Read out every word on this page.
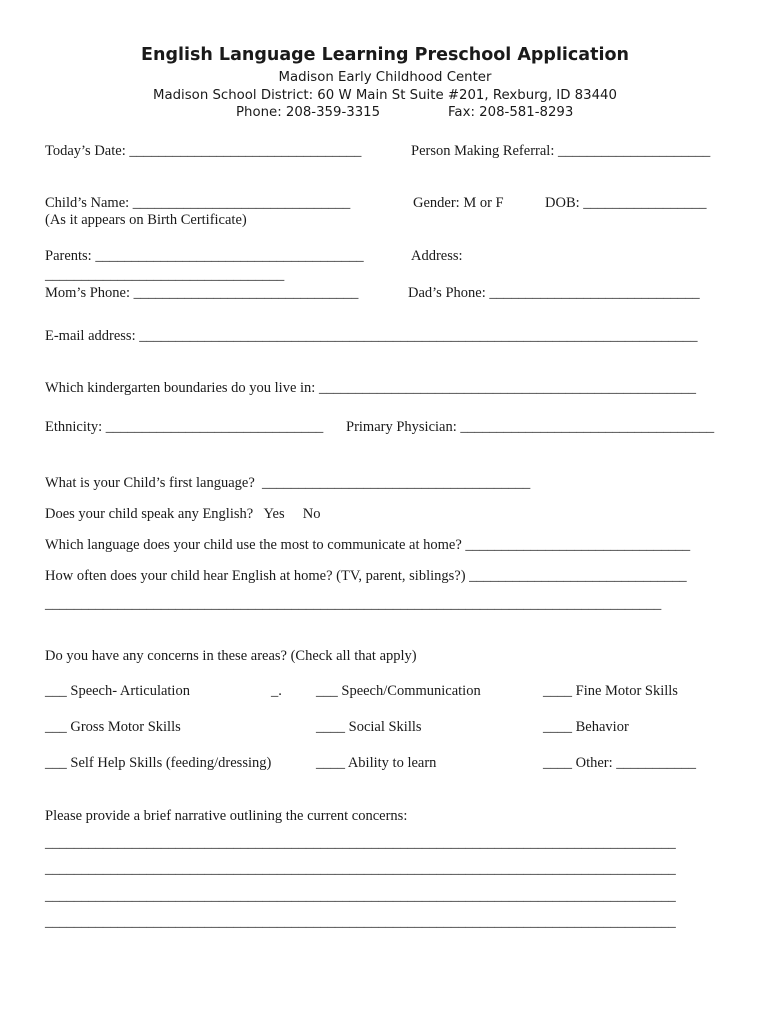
English Language Learning Preschool Application
Madison Early Childhood Center
Madison School District: 60 W Main St Suite #201, Rexburg, ID 83440
Phone: 208-359-3315	Fax: 208-581-8293
Today’s Date: ________________________________	Person Making Referral: _____________________
Child’s Name: ______________________________
(As it appears on Birth Certificate)
Gender: M or F	DOB: _________________
Parents: _____________________________________	Address:
_________________________________
Mom’s Phone: _______________________________	Dad’s Phone: _____________________________
E-mail address: _____________________________________________________________________________
Which kindergarten boundaries do you live in: ____________________________________________________
Ethnicity: ______________________________ Primary Physician: ___________________________________
What is your Child’s first language?  _____________________________________
Does your child speak any English?   Yes     No
Which language does your child use the most to communicate at home? _______________________________
How often does your child hear English at home? (TV, parent, siblings?) ______________________________
_____________________________________________________________________________________
Do you have any concerns in these areas? (Check all that apply)
___ Speech- Articulation	_. ___ Speech/Communication	____ Fine Motor Skills
___ Gross Motor Skills	____ Social Skills	____ Behavior
___ Self Help Skills (feeding/dressing)	____ Ability to learn	____ Other: ___________
Please provide a brief narrative outlining the current concerns:
_______________________________________________________________________________________
_______________________________________________________________________________________
_______________________________________________________________________________________
_______________________________________________________________________________________
